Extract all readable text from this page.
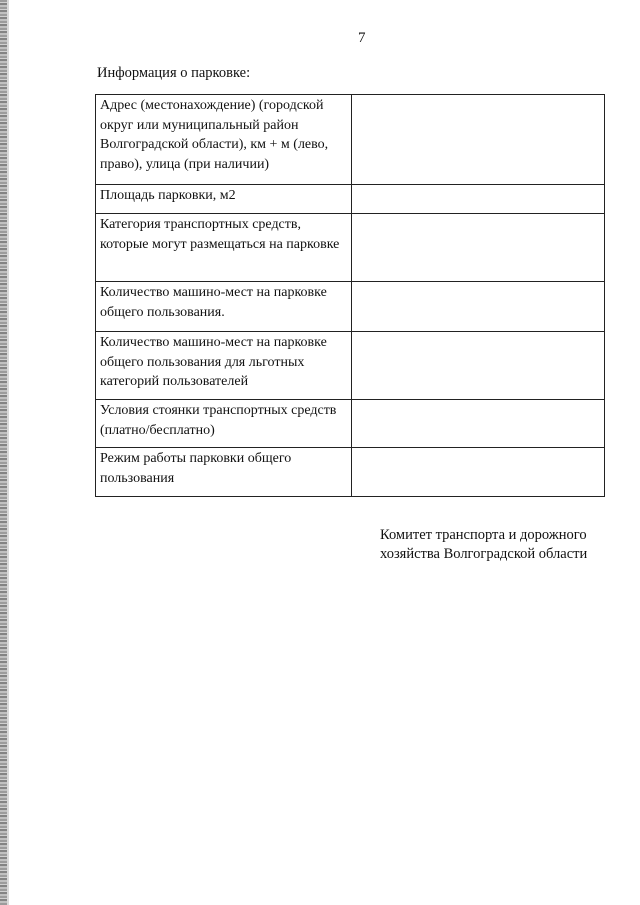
7
Информация о парковке:
Адрес (местонахождение) (городской округ или муниципальный район Волгоградской области), км + м (лево, право), улица (при наличии)	
Площадь парковки, м2	
Категория транспортных средств, которые могут размещаться на парковке	
Количество машино-мест на парковке общего пользования.	
Количество машино-мест на парковке общего пользования для льготных категорий пользователей	
Условия стоянки транспортных средств (платно/бесплатно)	
Режим работы парковки общего пользования	
Комитет транспорта и дорожного
хозяйства Волгоградской области
